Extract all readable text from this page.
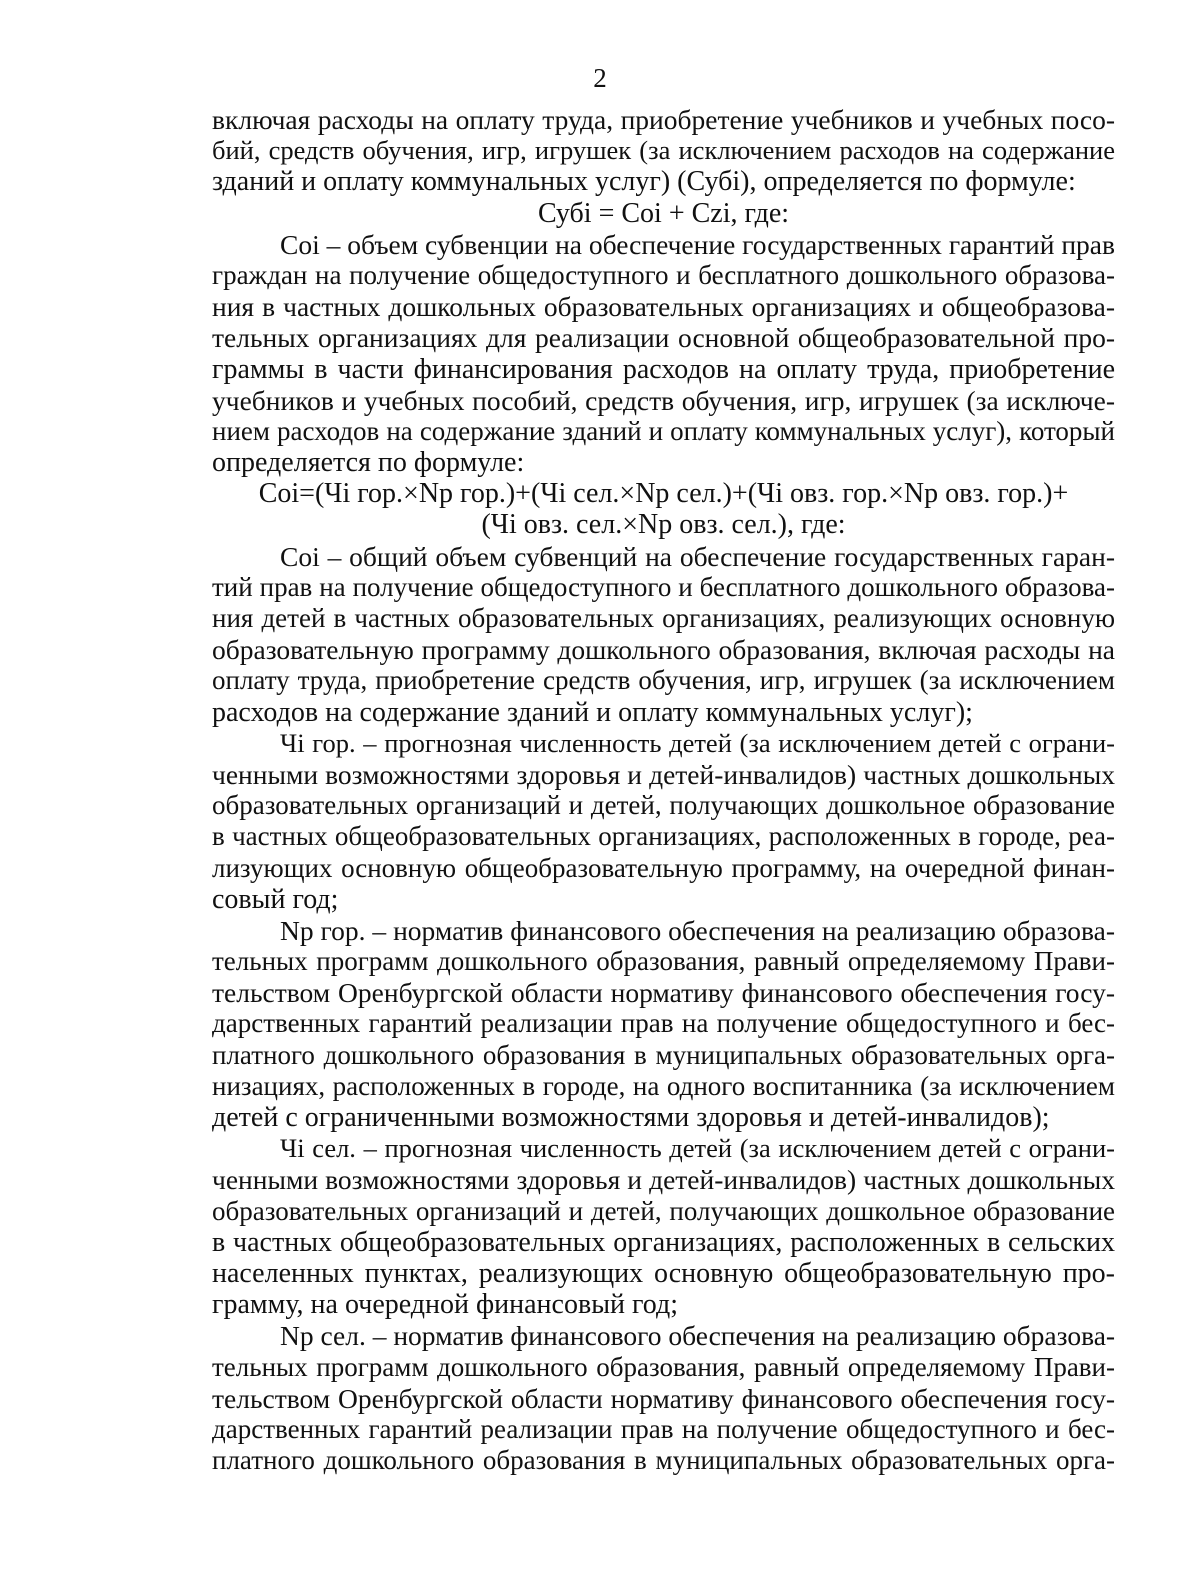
2
включая расходы на оплату труда, приобретение учебников и учебных посо-
бий, средств обучения, игр, игрушек (за исключением расходов на содержание
зданий и оплату коммунальных услуг) (Субi), определяется по формуле:
Субi = Coi + Czi, где:
Coi – объем субвенции на обеспечение государственных гарантий прав
граждан на получение общедоступного и бесплатного дошкольного образова-
ния в частных дошкольных образовательных организациях и общеобразова-
тельных организациях для реализации основной общеобразовательной про-
граммы в части финансирования расходов на оплату труда, приобретение
учебников и учебных пособий, средств обучения, игр, игрушек (за исключе-
нием расходов на содержание зданий и оплату коммунальных услуг), который
определяется по формуле:
Coi=(Чi гор.×Np гор.)+(Чi сел.×Np сел.)+(Чi овз. гор.×Np овз. гор.)+
(Чi овз. сел.×Np овз. сел.), где:
Coi – общий объем субвенций на обеспечение государственных гаран-
тий прав на получение общедоступного и бесплатного дошкольного образова-
ния детей в частных образовательных организациях, реализующих основную
образовательную программу дошкольного образования, включая расходы на
оплату труда, приобретение средств обучения, игр, игрушек (за исключением
расходов на содержание зданий и оплату коммунальных услуг);
Чi гор. – прогнозная численность детей (за исключением детей с ограни-
ченными возможностями здоровья и детей-инвалидов) частных дошкольных
образовательных организаций и детей, получающих дошкольное образование
в частных общеобразовательных организациях, расположенных в городе, реа-
лизующих основную общеобразовательную программу, на очередной финан-
совый год;
Np гор. – норматив финансового обеспечения на реализацию образова-
тельных программ дошкольного образования, равный определяемому Прави-
тельством Оренбургской области нормативу финансового обеспечения госу-
дарственных гарантий реализации прав на получение общедоступного и бес-
платного дошкольного образования в муниципальных образовательных орга-
низациях, расположенных в городе, на одного воспитанника (за исключением
детей с ограниченными возможностями здоровья и детей-инвалидов);
Чi сел. – прогнозная численность детей (за исключением детей с ограни-
ченными возможностями здоровья и детей-инвалидов) частных дошкольных
образовательных организаций и детей, получающих дошкольное образование
в частных общеобразовательных организациях, расположенных в сельских
населенных пунктах, реализующих основную общеобразовательную про-
грамму, на очередной финансовый год;
Np сел. – норматив финансового обеспечения на реализацию образова-
тельных программ дошкольного образования, равный определяемому Прави-
тельством Оренбургской области нормативу финансового обеспечения госу-
дарственных гарантий реализации прав на получение общедоступного и бес-
платного дошкольного образования в муниципальных образовательных орга-
